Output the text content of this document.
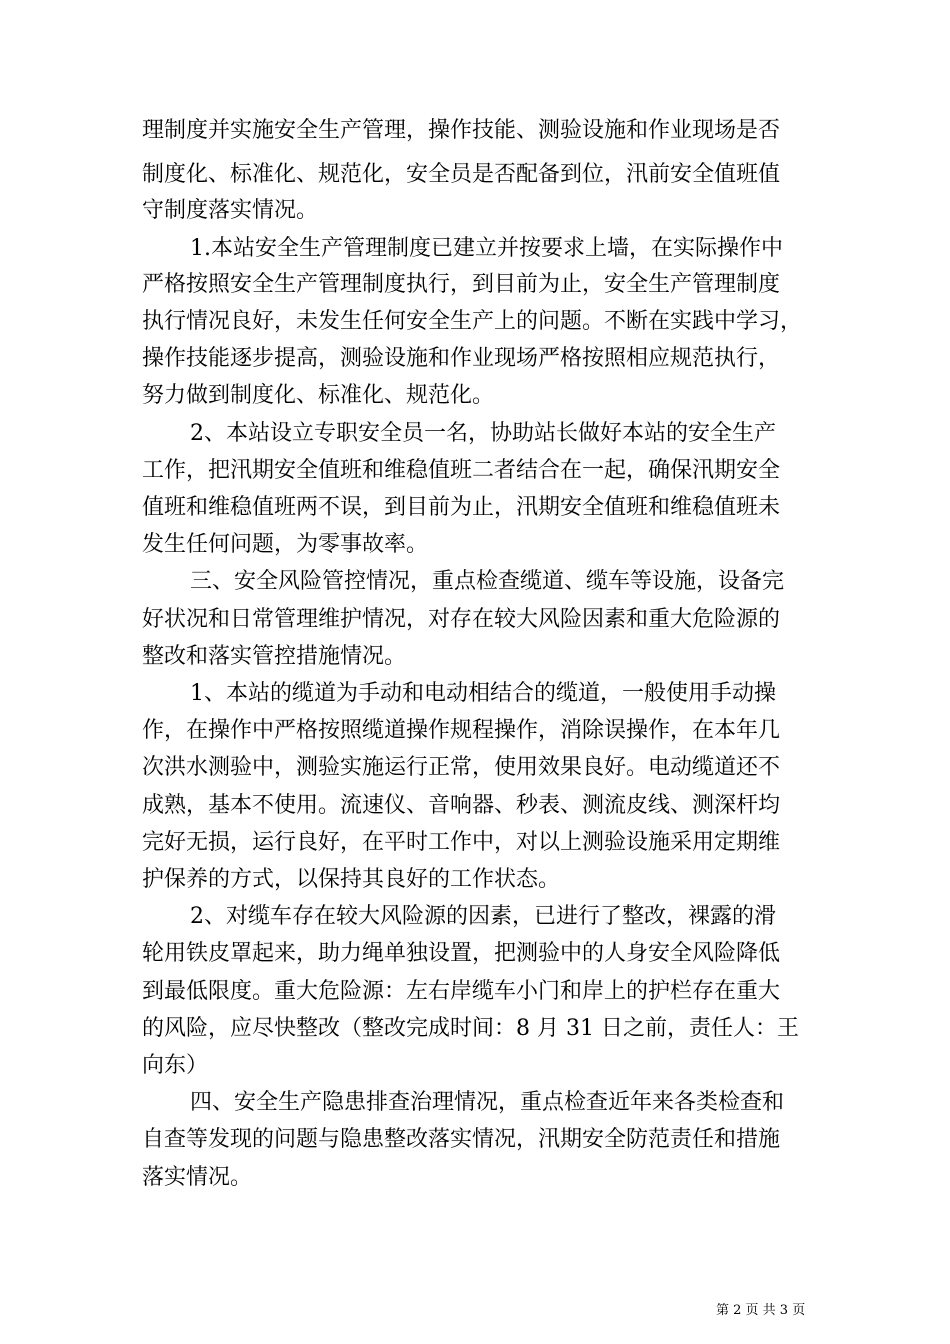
理制度并实施安全生产管理，操作技能、测验设施和作业现场是否

制度化、标准化、规范化，安全员是否配备到位，汛前安全值班值

守制度落实情况。

1.本站安全生产管理制度已建立并按要求上墙，在实际操作中

严格按照安全生产管理制度执行，到目前为止，安全生产管理制度

执行情况良好，未发生任何安全生产上的问题。不断在实践中学习，

操作技能逐步提高，测验设施和作业现场严格按照相应规范执行，

努力做到制度化、标准化、规范化。

2、本站设立专职安全员一名，协助站长做好本站的安全生产

工作，把汛期安全值班和维稳值班二者结合在一起，确保汛期安全

值班和维稳值班两不误，到目前为止，汛期安全值班和维稳值班未

发生任何问题，为零事故率。

三、安全风险管控情况，重点检查缆道、缆车等设施，设备完

好状况和日常管理维护情况，对存在较大风险因素和重大危险源的

整改和落实管控措施情况。

1、本站的缆道为手动和电动相结合的缆道，一般使用手动操

作，在操作中严格按照缆道操作规程操作，消除误操作，在本年几

次洪水测验中，测验实施运行正常，使用效果良好。电动缆道还不

成熟，基本不使用。流速仪、音响器、秒表、测流皮线、测深杆均

完好无损，运行良好，在平时工作中，对以上测验设施采用定期维

护保养的方式，以保持其良好的工作状态。

2、对缆车存在较大风险源的因素，已进行了整改，裸露的滑

轮用铁皮罩起来，助力绳单独设置，把测验中的人身安全风险降低

到最低限度。重大危险源：左右岸缆车小门和岸上的护栏存在重大

的风险，应尽快整改（整改完成时间：8 月 31 日之前，责任人：王

向东）

四、安全生产隐患排查治理情况，重点检查近年来各类检查和

自查等发现的问题与隐患整改落实情况，汛期安全防范责任和措施

落实情况。

第 2 页 共 3 页
